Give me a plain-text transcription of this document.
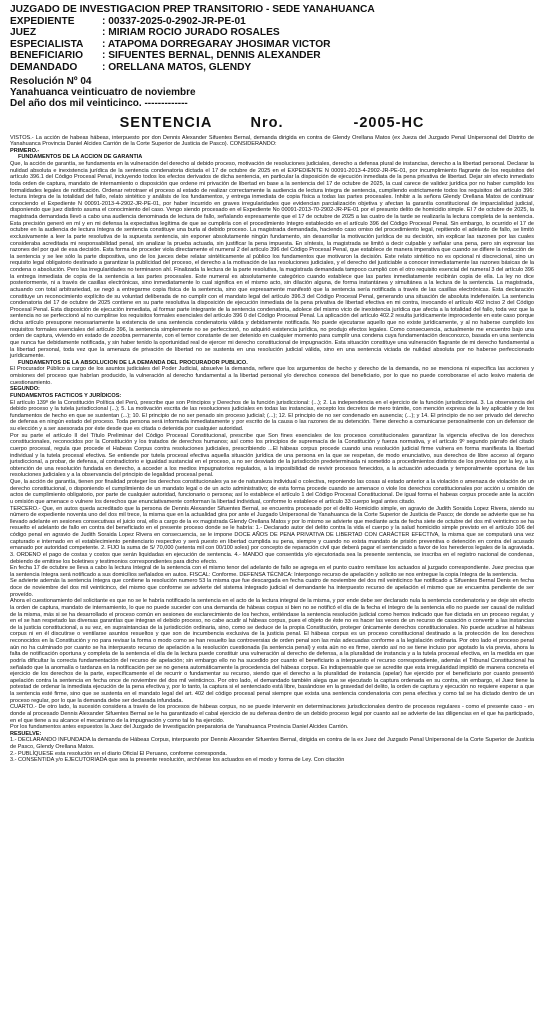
JUZGADO DE INVESTIGACION PREP TRANSITORIO - SEDE YANAHUANCA
EXPEDIENTE	: 00337-2025-0-2902-JR-PE-01
JUEZ	: MIRIAM ROCIO JURADO ROSALES
ESPECIALISTA	: ATAPOMA DORREGARAY JHOSIMAR VICTOR
BENEFICIARIO	: SIFUENTES BERNAL, DENNIS ALEXANDER
DEMANDADO	: ORELLANA MATOS, GLENDY
Resolución Nº 04
Yanahuanca veinticuatro de noviembre
Del año dos mil veinticinco. -------------
SENTENCIA	Nro.	-2005-HC

VISTOS.- La acción de habeas hábeas, interpuesto por don Dennis Alexander Sifuentes Bernal, demanda dirigida en contra de Glendy Orellana Matos (ex Jueza del Juzgado Penal Unipersonal del Distrito de Yanahuanca Provincia Daniel Alcides Carrión de la Corte Superior de Justicia de Pasco). CONSIDERANDO:

PRIMERO.-

FUNDAMENTOS DE LA ACCION DE GARANTIA

Que, la acción de garantía, se fundamenta en la vulneración del derecho al debido proceso, motivación de resoluciones judiciales, derecho a defensa plural de instancias, derecho a la libertad personal. Declarar la nulidad absoluta e inexistencia jurídica de la sentencia condenatoria dictada el 17 de octubre de 2025 en el EXPEDIENTE N 00091-2013-4-2902-JR-PE-01, por incumplimiento flagrante de los requisitos del artículo 396.1 del Código Procesal Penal, incluyendo todos los efectos derivados de dicha sentencia, en particular la disposición de ejecución inmediata de la pena privativa de libertad. Dejar sin efecto inmediato toda orden de captura, mandato de internamiento o disposición que ordene mi privación de libertad en base a la sentencia del 17 de octubre de 2025, la cual carece de validez jurídica por no haber cumplido los formalidades legales de notificación. Ordenar retrotraer el proceso al estado de realizar correctamente la audiencia de lectura íntegra de sentencia, cumpliendo estrictamente todos los requisitos del artículo 396: lectura íntegra de la totalidad del fallo, relato sintético y análisis de los fundamentos, y entrega inmediata de copia física a todas las partes procesales. Inhibir a la señora Glendy Orellana Matos de continuar conociendo el Expediente N 00091-2013-4-2902-JR-PE-01, por haber incurrido en graves irregularidades que evidencian parcialización objetiva y afectan la garantía constitucional de imparcialidad judicial, disponiendo que juez distinto asuma el conocimiento del caso. Vengo siendo procesado en el Expediente No 00091-2013-70-2902-JR-PE-01 por el presunto delito de homicidio simple. El 7 de octubre de 2025, la magistrada demandada llevó a cabo una audiencia denominada de lectura de fallo, señalando expresamente que el 17 de octubre de 2025 a las cuatro de la tarde se realizaría la lectura completa de la sentencia. Esta precisión generó en mí y en mi defensa la expectativa legítima de que se cumpliría con el procedimiento íntegro establecido en el artículo 396 del Código Procesal Penal. Sin embargo, lo ocurrido el 17 de octubre en la audiencia de lectura íntegra de sentencia constituye una burla al debido proceso. La magistrada demandada, haciendo caso omiso del procedimiento legal, repitiendo el adelanto de fallo, se limitó exclusivamente a leer la parte resolutiva de la supuesta sentencia, sin exponer absolutamente ningún fundamento, sin desarrollar la motivación jurídica de su decisión, sin explicar las razones por las cuales consideraba acreditada mi responsabilidad penal, sin analizar la prueba actuada, sin justificar la pena impuesta. En síntesis, la magistrada se limitó a decir culpable y señalar una pena, pero sin expresar las razones del por qué de esa decisión. Esta forma de proceder viola directamente el numeral 2 del artículo 396 del Código Procesal Penal, que establece de manera imperativa que cuando se difiere la redacción de la sentencia y se lee sólo la parte dispositiva, uno de los jueces debe relatar sintéticamente al público los fundamentos que motivaron la decisión. Este relato sintético no es opcional ni discrecional, sino un requisito legal obligatorio destinado a garantizar la publicidad del proceso, el derecho a la motivación de las resoluciones judiciales, y el derecho del justiciable a conocer inmediatamente las razones básicas de la condena o absolución. Pero las irregularidades no terminaron ahí. Finalizada la lectura de la parte resolutiva, la magistrada demandada tampoco cumplió con el otro requisito esencial del numeral 3 del artículo 396 la entrega inmediata de copia de la sentencia a las partes procesales. Este numeral es absolutamente categórico cuando establece que las partes inmediatamente recibirán copia de ella. La ley no dice posteriormente, ni a través de casillas electrónicas, sino inmediatamente lo cual significa en el mismo acto, sin dilación alguna, de forma instantánea y simultánea a la lectura de la sentencia. La magistrada, actuando con total arbitrariedad, se negó a entregarme copia física de la sentencia, sino que expresamente manifestó que la sentencia sería notificada a través de las casillas electrónicas. Esta declaración constituye un reconocimiento explícito de su voluntad deliberada de no cumplir con el mandato legal del artículo 396.3 del Código Procesal Penal, generando una situación de absoluta indefensión. La sentencia condenatoria del 17 de octubre de 2025 contiene en su parte resolutiva la disposición de ejecución inmediata de la pena privativa de libertad efectiva en mi contra, invocando el artículo 402 inciso 2 del Código Procesal Penal. Esta disposición de ejecución inmediata, al formar parte integrante de la sentencia condenatoria, adolece del mismo vicio de inexistencia jurídica que afecta a la totalidad del fallo, toda vez que la sentencia no se perfeccionó al no cumplirse los requisitos formales esenciales del artículo 396 0 del Código Procesal Penal. La aplicación del artículo 402.2 resulta jurídicamente improcedente en este caso porque dicha artículo presupone necesariamente la existencia de una sentencia condenatoria válida y debidamente notificada. No puede ejecutarse aquello que no existe jurídicamente, y al no haberse cumplido los requisitos formales esenciales del artículo 396, la sentencia simplemente no se perfeccionó, no adquirió existencia jurídica, no produjo efectos legales. Como consecuencia, actualmente me encuentro bajo una orden de captura, viviendo en estado de zozobra permanente, con el temor constante de ser detenido en cualquier momento para cumplir una condena cuya fundamentación desconozco, basada en una sentencia que nunca fue debidamente notificada, y sin haber tenido la oportunidad real de ejercer mi derecho constitucional de impugnación. Esta situación constituye una vulneración flagrante de mi derecho fundamental a la libertad personal, toda vez que la amenaza de privación de libertad no se sustenta en una resolución judicial válida, sino en una sentencia viciada de nulidad absoluta por no haberse perfeccionado jurídicamente.

FUNDAMENTOS DE LA ABSOLUCION DE LA DEMANDA DEL PROCURADOR PUBLICO.

El Procurador Público a cargo de los asuntos judiciales del Poder Judicial, absuelve la demanda, refiere que los argumentos de hecho y derecho de la demanda, no se menciona ni especifica las acciones y omisiones del proceso que habrían producido, la vulneración al derecho fundamental a la libertad personal y/o derechos conexos del beneficiario, por lo que no puede corroborarse el acto lesivo materia de cuestionamiento.

SEGUNDO:

FUNDAMENTOS FACTICOS Y JURÍDICOS:

El artículo 139º de la Constitución Política del Perú, prescribe que son Principios y Derechos de la función jurisdiccional: (...); 2. La independencia en el ejercicio de la función jurisdiccional. 3. La observancia del debido proceso y la tutela jurisdiccional (...); 5. La motivación escrita de las resoluciones judiciales en todas las instancias, excepto los decretos de mero trámite, con mención expresa de la ley aplicable y de los fundamentos de hecho en que se sustentan (...); 10. El principio de no ser penado sin proceso judicial; (...); 12. El principio de no ser condenado en ausencia; (...); y 14. El principio de no ser privado del derecho de defensa en ningún estado del proceso. Toda persona será informada inmediatamente y por escrito de la causa o las razones de su detención. Tiene derecho a comunicarse personalmente con un defensor de su elección y a ser asesorada por éste desde que es citada o detenida por cualquier autoridad.

Por su parte el artículo II del Título Preliminar del Código Procesal Constitucional, prescribe que Son fines esenciales de los procesos constitucionales garantizar la vigencia efectiva de los derechos constitucionales, reconocidos por la Constitución y los tratados de derechos humanos; así como los principios de supremacía de la Constitución y fuerza normativa, y el artículo 9º segundo párrafo del citado cuerpo procesal, regula que procede el Habeas Corpus contra resoluciones judiciales, prescribiendo ...El hábeas corpus procede cuando una resolución judicial firme vulnera en forma manifiesta la libertad individual y la tutela procesal efectiva. Se entiende por tutela procesal efectiva aquella situación jurídica de una persona en la que se respetan, de modo enunciativo, sus derechos de libre acceso al órgano jurisdiccional, a probar, de defensa, al contradictorio e igualdad sustancial en el proceso, a no ser desviado de la jurisdicción predeterminada ni sometido a procedimientos distintos de los previstos por la ley, a la obtención de una resolución fundada en derecho, a acceder a los medios impugnatorios regulados, a la imposibilidad de revivir procesos fenecidos, a la actuación adecuada y temporalmente oportuna de las resoluciones judiciales y a la observancia del principio de legalidad procesal penal.

Que, la acción de garantía, tienen por finalidad proteger los derechos constitucionales ya se de naturaleza individual o colectiva, reponiendo las cosas al estado anterior a la violación o amenaza de violación de un derecho constitucional, o disponiendo el cumplimiento de un mandato legal o de un acto administrativo; de esta forma procede cuando se amenace o viole los derechos constitucionales por acción u omisión de actos de cumplimiento obligatorio, por parte de cualquier autoridad, funcionario o persona; así lo establece el artículo 1 del Código Procesal Constitucional. De igual forma el habeas corpus procede ante la acción u omisión que amenace o vulnere los derechos que enunciativamente conforman la libertad individual, conforme lo establece el artículo 33 cuerpo legal antes citado.

TERCERO.- Que, en autos queda acreditado que la persona de Dennis Alexander Sifuentes Bernal, se encuentra procesado por el delito Homicidio simple, en agravio de Judith Soraida Lopez Rivera, siendo su número de expediente noventa uno del dos mil trece, la misma que en la actualidad gira por ante el Juzgado Unipersonal de Yanahuanca de la Corte Superior de Justicia de Pasco; de donde se advierte que se ha llevado adelante en sesiones consecutivas el juicio oral, ello a cargo de la ex magistrada Glendy Orellana Matos y por lo mismo se advierte que mediante acta de fecha siete de octubre del dos mil veinticinco se ha resuelto el adelanto de fallo en contra del beneficiado en el presente proceso donde se le habría: 1.- Declarado autor del delito contra la vida el cuerpo y la salud homicidio simple previsto en el artículo 106 del código penal en agravio de Judith Soraida Lopez Rivera en consecuencia, se le impone DOCE AÑOS DE PENA PRIVATIVA DE LIBERTAD CON CARÁCTER EFECTIVA, la misma que se computará una vez capturado e internado en el establecimiento penitenciario respectivo y será puesto en libertad cumplida su pena, siempre y cuando no exista mandato de prisión preventiva o detención en contra del acusado emanado por autoridad competente. 2. FIJO la suma de S/ 70,000 (setenta mil con 00/100 soles) por concepto de reparación civil que deberá pagar el sentenciado a favor de los herederos legales de la agraviada. 3. ORDENO el pago de costas y costos que serán liquidadas en ejecución de sentencia. 4.- MANDO que consentida y/o ejecutoriada sea la presente sentencia, se inscriba en el registro nacional de condenas, debiendo de emitirse los boletines y testimonios correspondientes para dicho efecto.

En fecha 17 de octubre se lleva a cabo la lectura íntegral de la sentencia con el mismo tenor del adelanto de fallo se agrega en el punto cuatro remítase los actuados al juzgado correspondiente. Juez precisa que la sentencia íntegra será notificado a sus domicilios señalados en autos. FISCAL: Conforme. DEFENSA TÉCNICA: Interpongo recurso de apelación y solicito se nos entregue la copia íntegra de la sentencia.

Se advierte además la sentencia íntegra que contiene la resolución numero 53 la misma que fue descargada en fecha cuatro de noviembre del dos mil veinticinco fue notificado a Sifuentes Bernal Denis en fecha doce de noviembre del dos mil veinticinco, del mismo que conforme se advierte del sistema integrado judicial el demandante ha interpuesto recurso de apelación el mismo que se encuentra pendiente de ser proveído.

Ahora el cuestionamiento del solicitante es que no se le habría notificado la sentencia en el acto de la lectura integral de la misma, y por ende debe ser declarado nula la sentencia condenatoria y se deje sin efecto la orden de captura, mandato de internamiento, lo que no puede suceder con una demanda de hábeas corpus si bien no se notificó el día de la fecha el íntegro de la sentencia ello no puede ser causal de nulidad de la misma, más si se ha desarrollado el proceso común en sesiones de esclarecimiento de los hechos, entiéndase la sentencia resolución judicial como hemos indicado que fue dictada en un proceso regular, y en el se han respetado las diversas garantías que integran el debido proceso, no cabe acudir al hábeas corpus, pues el objeto de éste no es hacer las veces de un recurso de casación o convertir a las instancias de la justicia constitucional, a su vez, en supraintancias de la jurisdicción ordinaria, sino, como se deduce de la propia Constitución, proteger únicamente derechos constitucionales. No puede acudirse al hábeas corpus ni en él discutirse o ventilarse asuntos resueltos y que son de incumbencia exclusiva de la justicia penal. El hábeas corpus es un proceso constitucional destinado a la protección de los derechos reconocidos en la Constitución y no para revisar la forma o modo como se han resuelto las controversias de orden penal son las más adecuadas conforme a la legislación ordinaria. Por otro lado el proceso penal aún no ha culminado por cuanto se ha interpuesto recurso de apelación a la resolución cuestionada (la sentencia penal) y esta aún no es firme, siendo así no se tiene incluso por agotado la vía previa, ahora la falta de notificación oportuna y completa de la sentencia el día de la lectura puede constituir una vulneración al derecho de defensa, a la pluralidad de instancia y a la tutela procesal efectiva, en la medida en que podría dificultar la correcta fundamentación del recurso de apelación; sin embargo ello no ha sucedido por cuanto el beneficiario a interpuesto el recurso correspondiente, además el Tribunal Constitucional ha señalado que la anomalía o tardanza en la notificación per se no genera automáticamente la procedencia del hábeas corpus. Es indispensable que se acredite que esta irregularidad impidió de manera concreta el ejercicio de los derechos de la parte, específicamente el de recurrir o fundamentar su recurso, siendo que el derecho a la pluralidad de instancia (apelar) fue ejercido por el beneficiario por cuanto presentó apelación contra la sentencia en fecha once de noviembre del dos mil veinticinco. Por otro lado, el demandado también alega que se ejecutado la captura ordenada en su contra, sin embargo, el Juez tiene la potestad de ordenar la inmediata ejecución de la pena efectiva y, por lo tanto, la captura si el sentenciado está libre, basándose en la gravedad del delito, la orden de captura y ejecución no requiere esperar a que la sentencia esté firme, sino que se sustenta en el mandato legal del art. 402 del código procesal penal siempre que exista una sentencia condenatoria con pena efectiva y como tal se ha dictado dentro de un proceso regular, por lo que la demanda debe ser declarada infundada.

CUARTO.- De otro lado, la sucesión considera a través de los procesos de hábeas corpus, no se puede intervenir en determinaciones jurisdiccionales dentro de procesos regulares - como el presente caso - en donde al procesado Dennis Alexander Sifuentes Bernal se le ha garantizado el cabal ejercicio de su defensa dentro de un debido proceso legal por cuanto así se advierte de las diligencias en el que ha participado, en el que tiene a su alcance el mecanismo de la impugnación y como tal lo ha ejercido.

Por los fundamentos antes expuestos la Juez del Juzgado de Investigación preparatoria de Yanahuanca Provincia Daniel Alcides Carrión.

RESUELVE:

1.- DECLARANDO INFUNDADA la demanda de Hábeas Corpus, interpuesto por Dennis Alexander Sifuentes Bernal, dirigida en contra de la ex Juez del Juzgado Penal Unipersonal de la Corte Superior de Justicia de Pasco, Glendy Orellana Matos.

2.- PUBLÍQUESE esta resolución en el diario Oficial El Peruano, conforme corresponda.

3.- CONSENTIDA y/o EJECUTORIADA que sea la presente resolución, archívese los actuados en el modo y forma de Ley. Con citación
